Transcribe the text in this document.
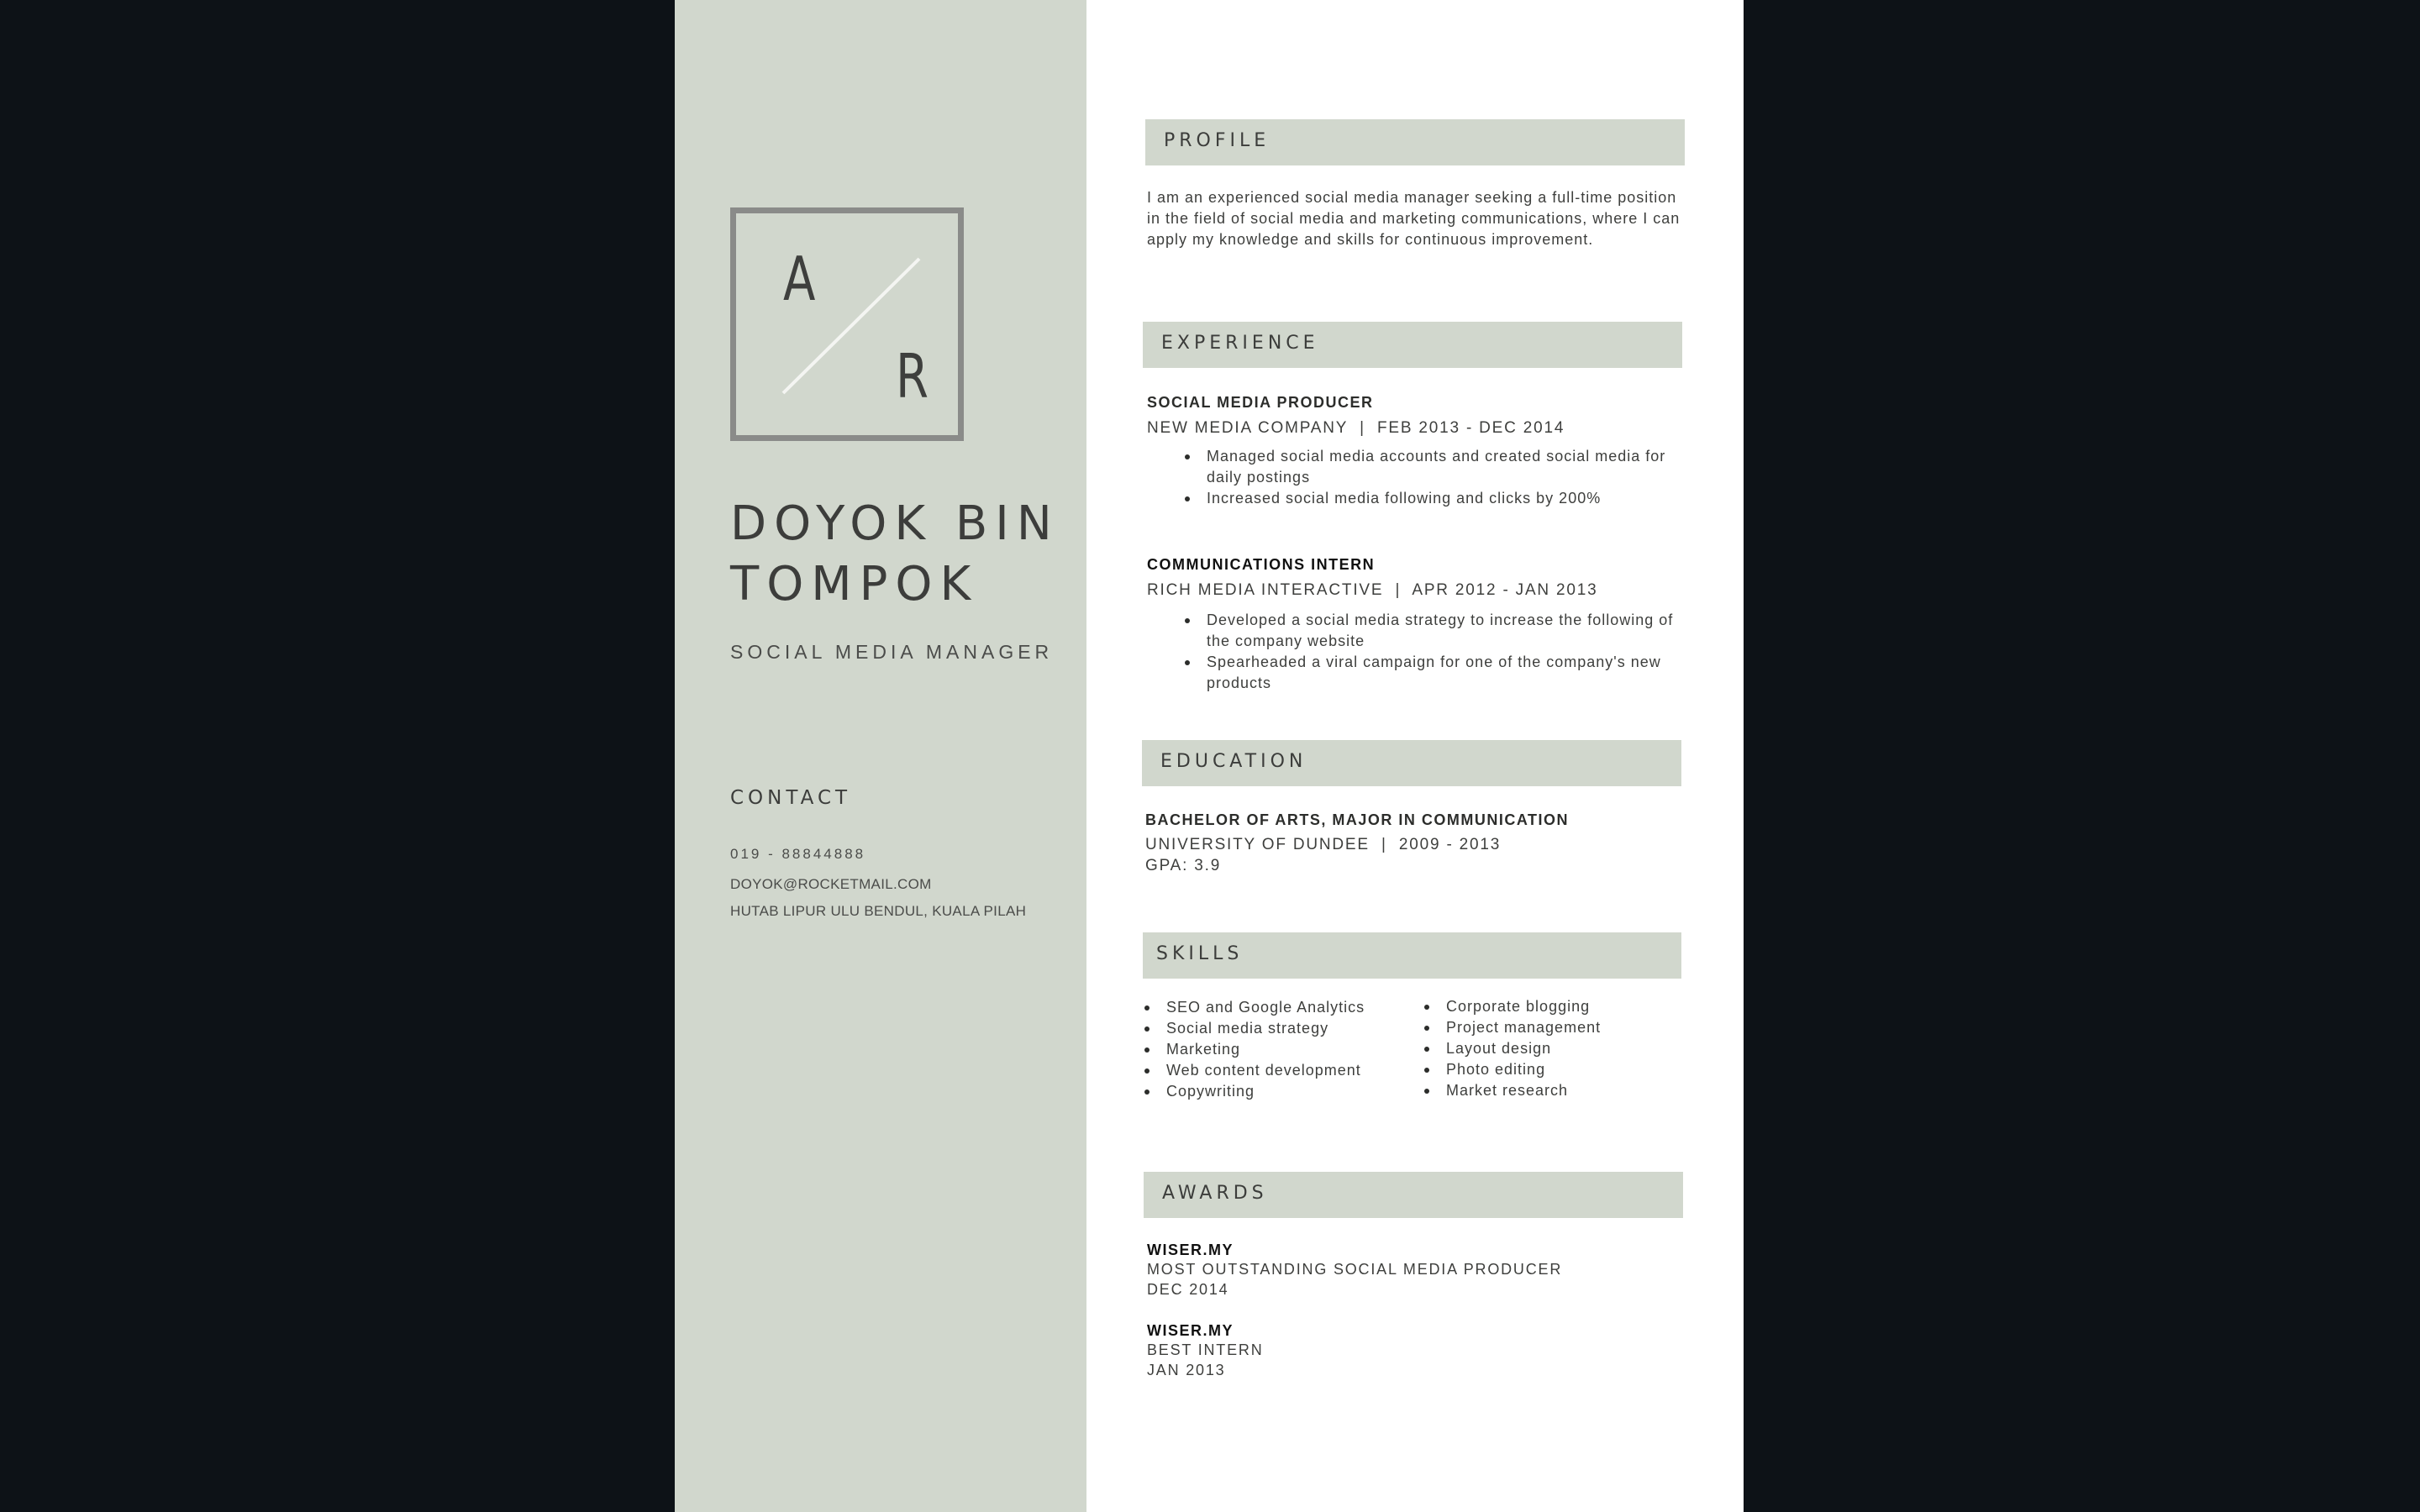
A
R
DOYOK BIN
TOMPOK
SOCIAL MEDIA MANAGER
CONTACT
019 - 88844888
DOYOK@ROCKETMAIL.COM
HUTAB LIPUR ULU BENDUL, KUALA PILAH
PROFILE
I am an experienced social media manager seeking a full-time position in the field of social media and marketing communications, where I can apply my knowledge and skills for continuous improvement.
EXPERIENCE
SOCIAL MEDIA PRODUCER
NEW MEDIA COMPANY  |  FEB 2013 - DEC 2014
Managed social media accounts and created social media for daily postings
Increased social media following and clicks by 200%
COMMUNICATIONS INTERN
RICH MEDIA INTERACTIVE  |  APR 2012 - JAN 2013
Developed a social media strategy to increase the following of the company website
Spearheaded a viral campaign for one of the company's new products
EDUCATION
BACHELOR OF ARTS, MAJOR IN COMMUNICATION
UNIVERSITY OF DUNDEE  |  2009 - 2013
GPA: 3.9
SKILLS
SEO and Google Analytics
Social media strategy
Marketing
Web content development
Copywriting
Corporate blogging
Project management
Layout design
Photo editing
Market research
AWARDS
WISER.MY
MOST OUTSTANDING SOCIAL MEDIA PRODUCER
DEC 2014
WISER.MY
BEST INTERN
JAN 2013
